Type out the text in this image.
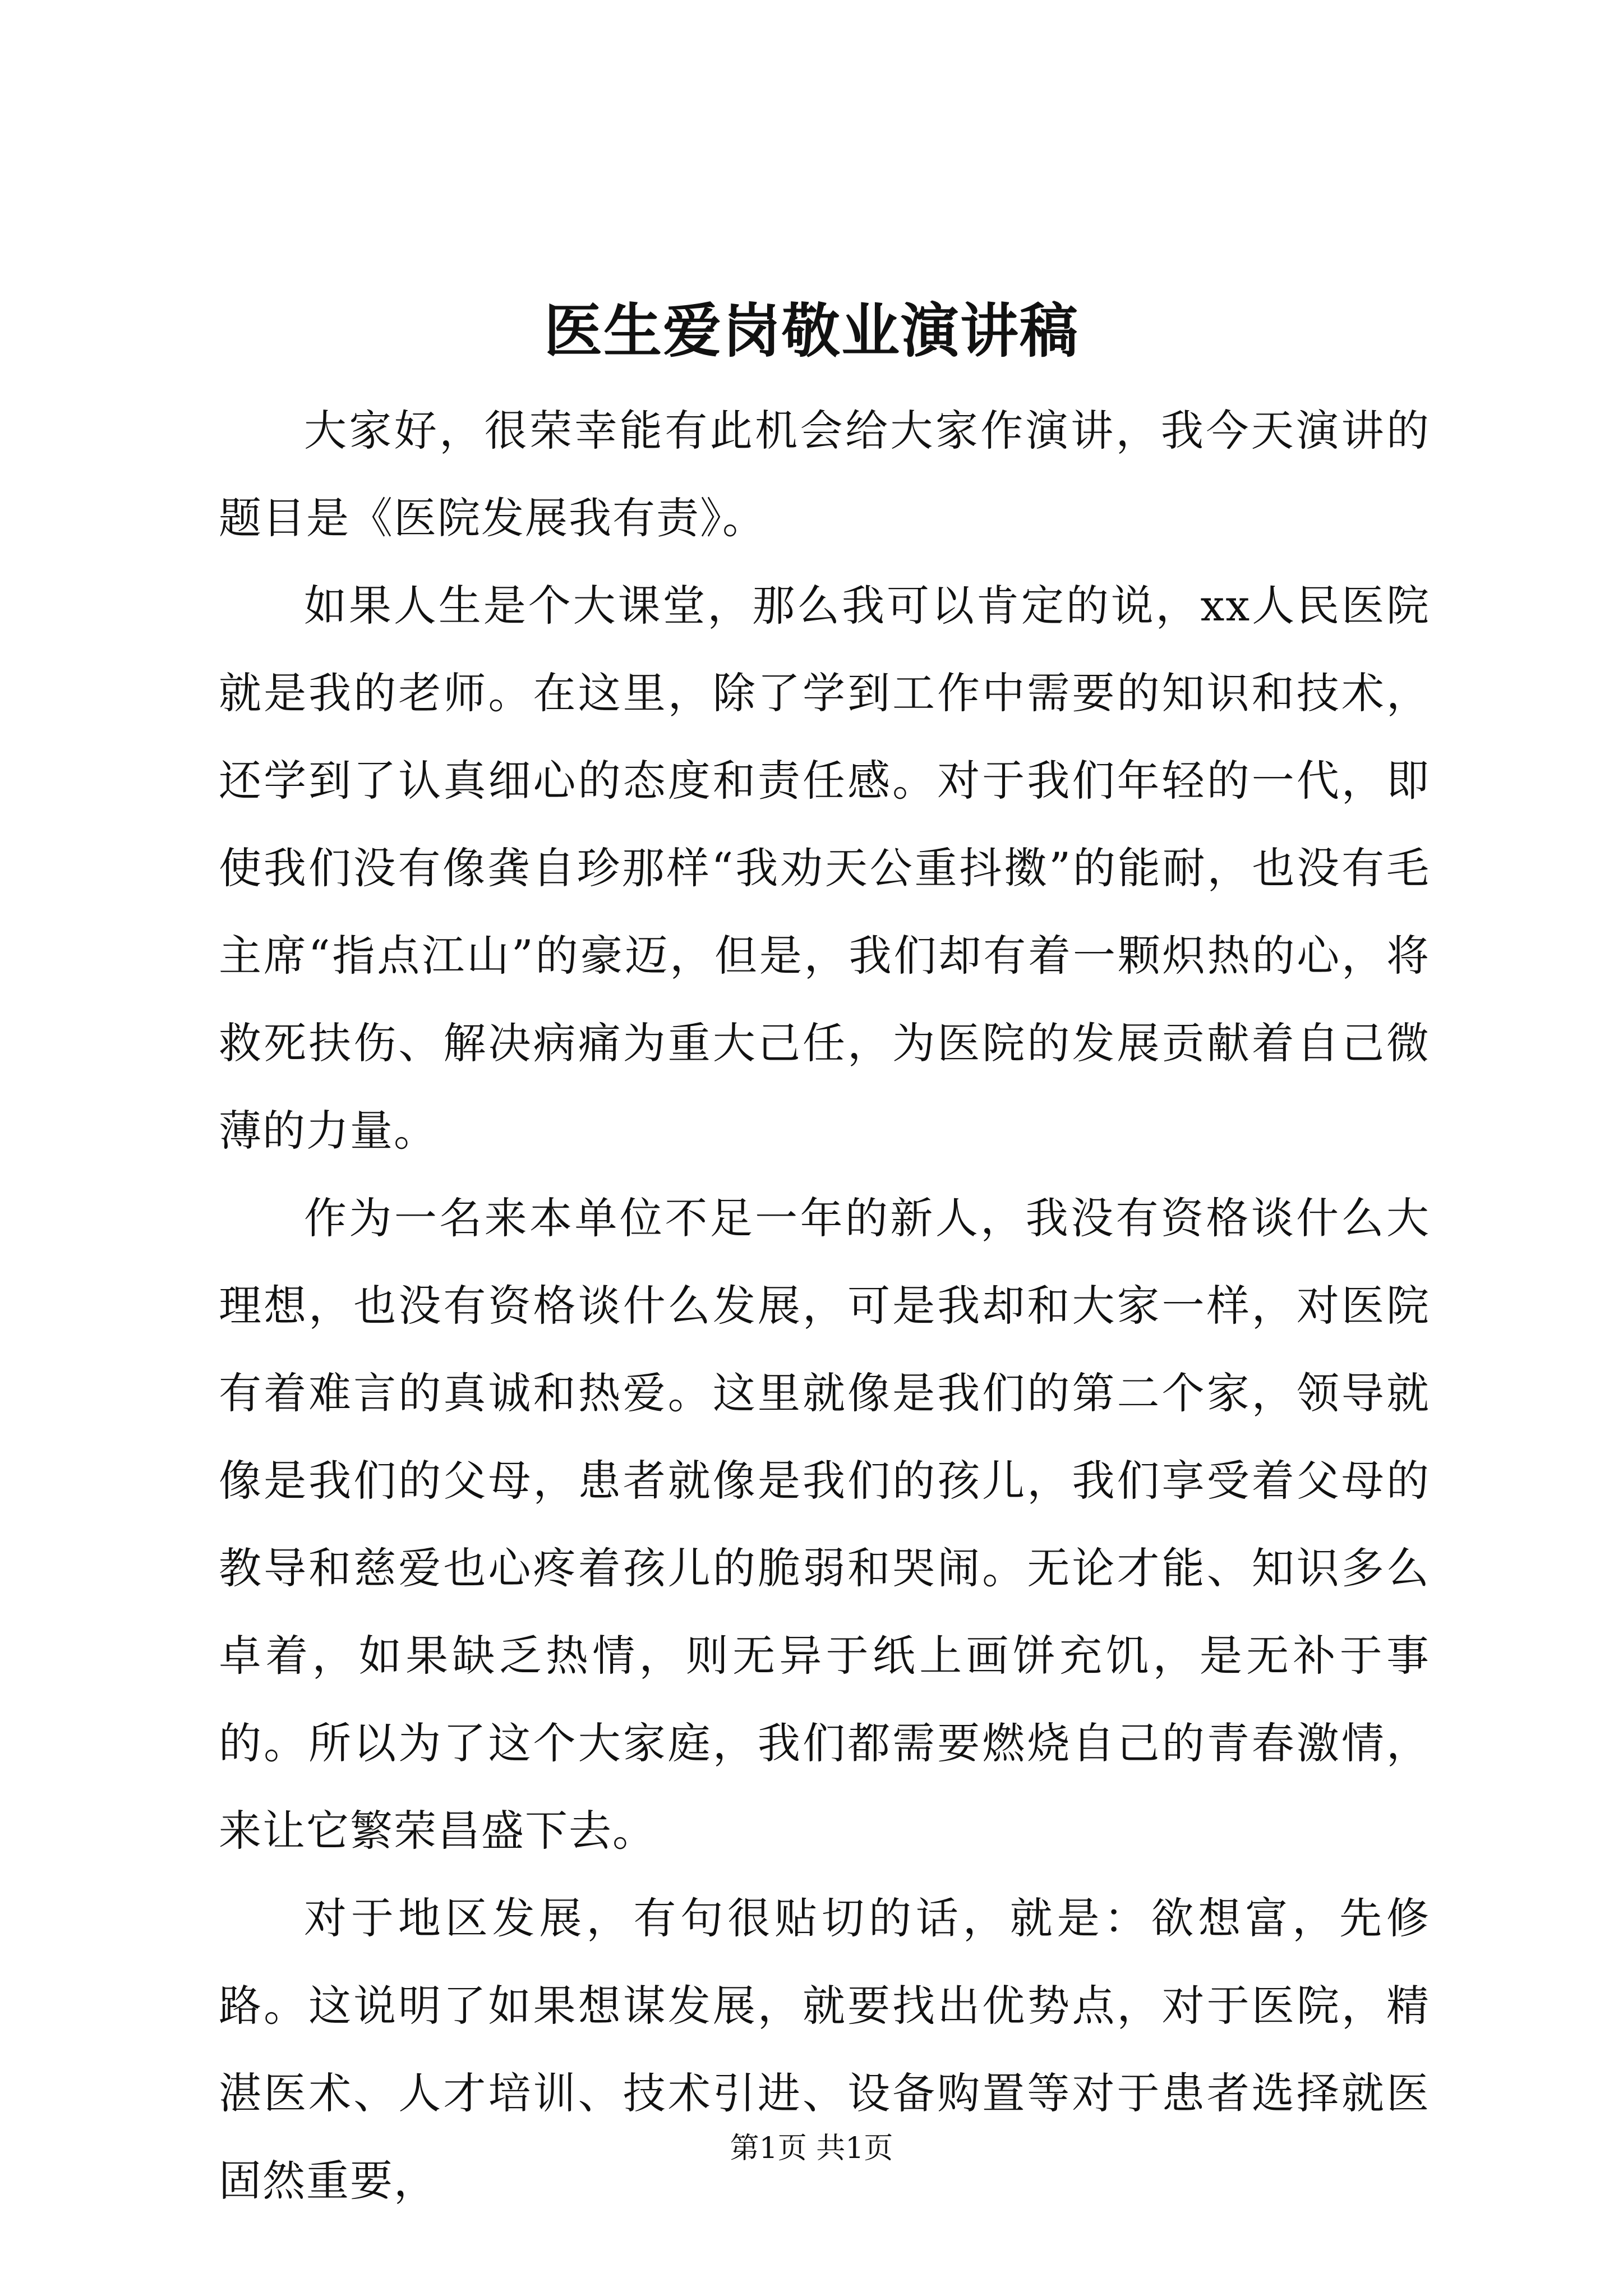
医生爱岗敬业演讲稿

大家好，很荣幸能有此机会给大家作演讲，我今天演讲的题目是《医院发展我有责》。

如果人生是个大课堂，那么我可以肯定的说，xx人民医院就是我的老师。在这里，除了学到工作中需要的知识和技术，还学到了认真细心的态度和责任感。对于我们年轻的一代，即使我们没有像龚自珍那样“我劝天公重抖擞”的能耐，也没有毛主席“指点江山”的豪迈，但是，我们却有着一颗炽热的心，将救死扶伤、解决病痛为重大己任，为医院的发展贡献着自己微薄的力量。

作为一名来本单位不足一年的新人，我没有资格谈什么大理想，也没有资格谈什么发展，可是我却和大家一样，对医院有着难言的真诚和热爱。这里就像是我们的第二个家，领导就像是我们的父母，患者就像是我们的孩儿，我们享受着父母的教导和慈爱也心疼着孩儿的脆弱和哭闹。无论才能、知识多么卓着，如果缺乏热情，则无异于纸上画饼充饥，是无补于事的。所以为了这个大家庭，我们都需要燃烧自己的青春激情，来让它繁荣昌盛下去。

对于地区发展，有句很贴切的话，就是：欲想富，先修路。这说明了如果想谋发展，就要找出优势点，对于医院，精湛医术、人才培训、技术引进、设备购置等对于患者选择就医固然重要，

第1页 共1页
